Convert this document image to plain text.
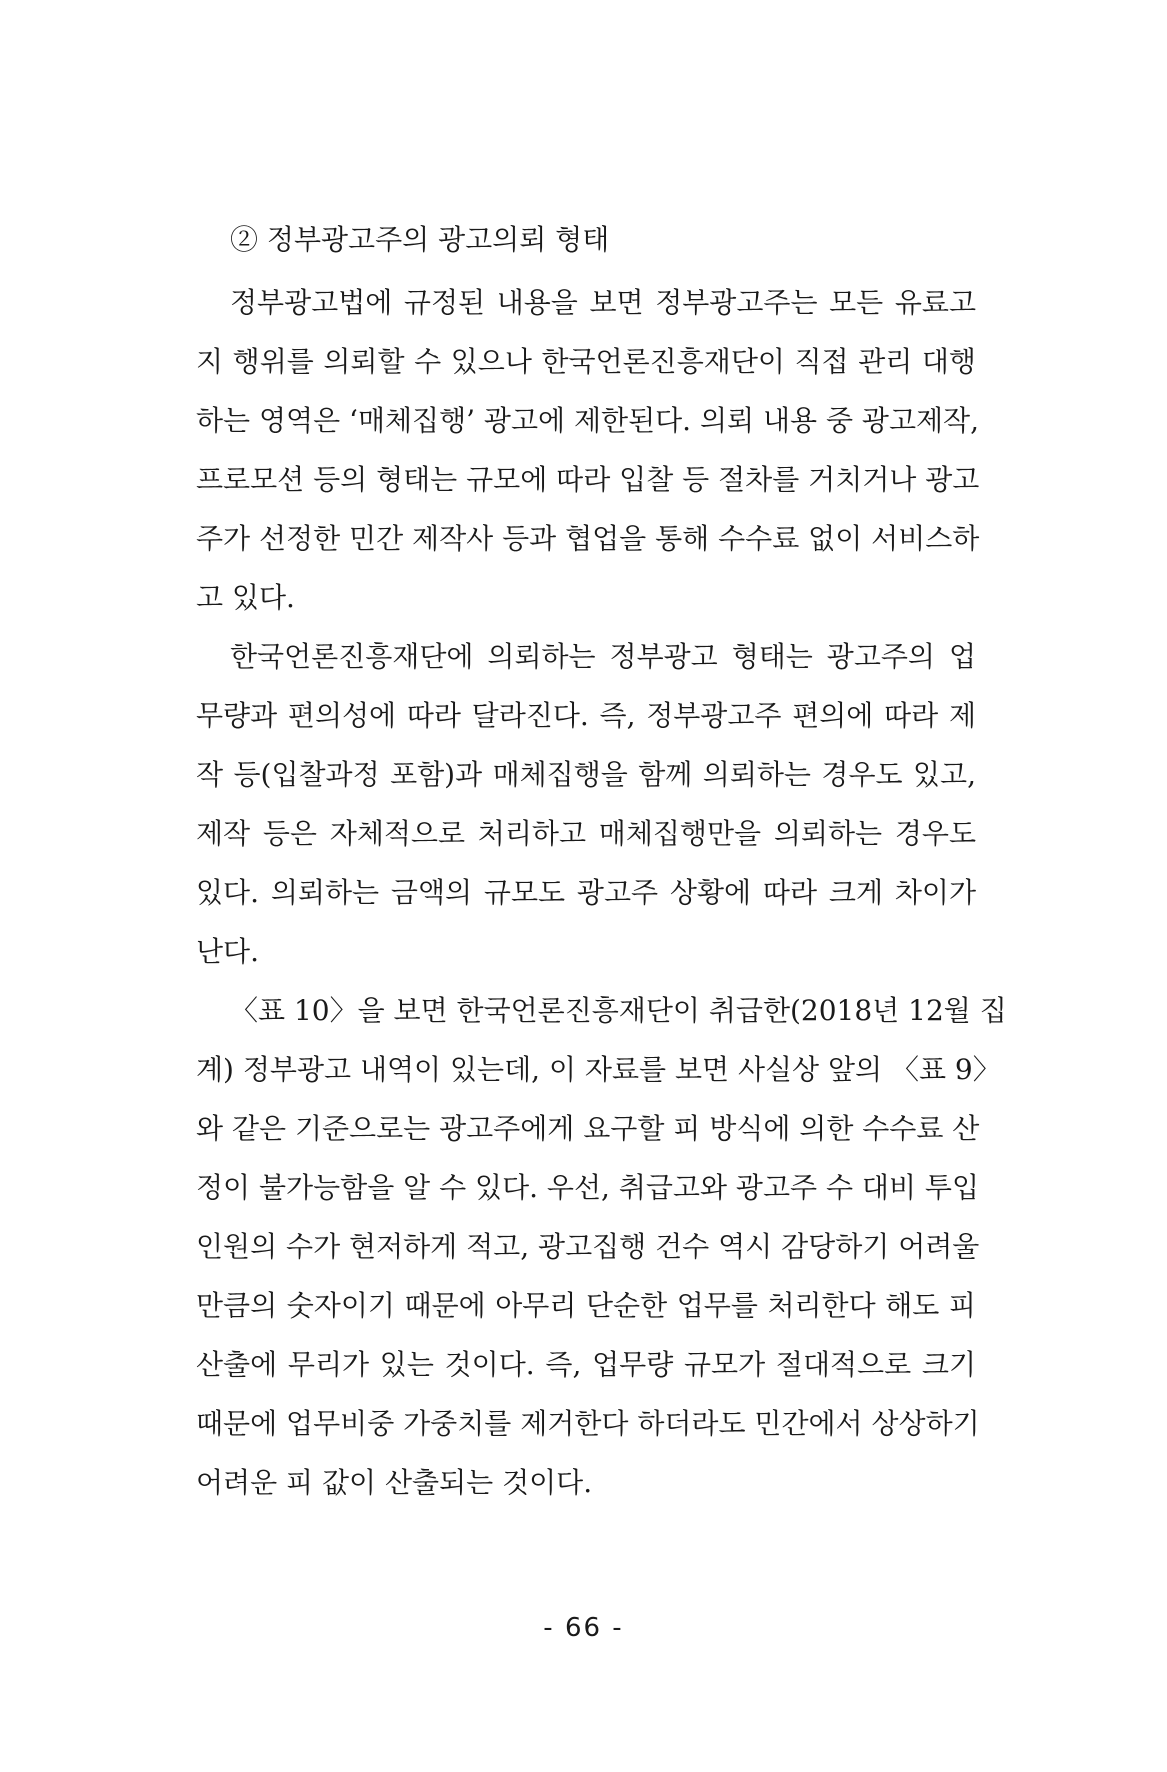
② 정부광고주의 광고의뢰 형태
정부광고법에 규정된 내용을 보면 정부광고주는 모든 유료고
지 행위를 의뢰할 수 있으나 한국언론진흥재단이 직접 관리 대행
하는 영역은 ‘매체집행’ 광고에 제한된다. 의뢰 내용 중 광고제작,
프로모션 등의 형태는 규모에 따라 입찰 등 절차를 거치거나 광고
주가 선정한 민간 제작사 등과 협업을 통해 수수료 없이 서비스하
고 있다.
한국언론진흥재단에 의뢰하는 정부광고 형태는 광고주의 업
무량과 편의성에 따라 달라진다. 즉, 정부광고주 편의에 따라 제
작 등(입찰과정 포함)과 매체집행을 함께 의뢰하는 경우도 있고,
제작 등은 자체적으로 처리하고 매체집행만을 의뢰하는 경우도
있다. 의뢰하는 금액의 규모도 광고주 상황에 따라 크게 차이가
난다.
〈표 10〉을 보면 한국언론진흥재단이 취급한(2018년 12월 집
계) 정부광고 내역이 있는데, 이 자료를 보면 사실상 앞의 〈표 9〉
와 같은 기준으로는 광고주에게 요구할 피 방식에 의한 수수료 산
정이 불가능함을 알 수 있다. 우선, 취급고와 광고주 수 대비 투입
인원의 수가 현저하게 적고, 광고집행 건수 역시 감당하기 어려울
만큼의 숫자이기 때문에 아무리 단순한 업무를 처리한다 해도 피
산출에 무리가 있는 것이다. 즉, 업무량 규모가 절대적으로 크기
때문에 업무비중 가중치를 제거한다 하더라도 민간에서 상상하기
어려운 피 값이 산출되는 것이다.
- 66 -
